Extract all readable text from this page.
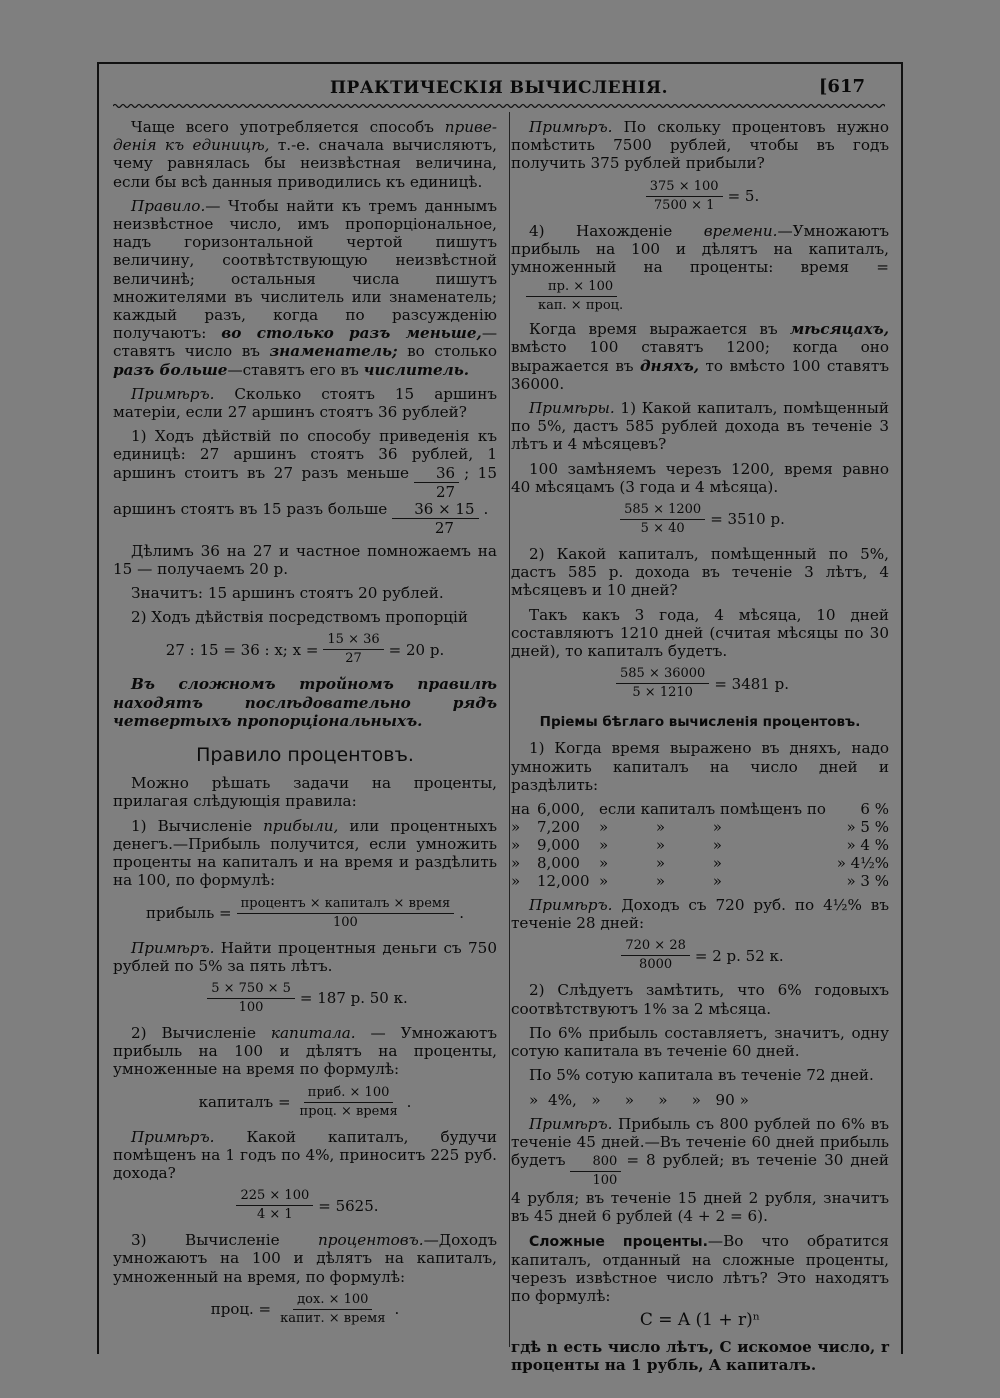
ПРАКТИЧЕСКІЯ ВЫЧИСЛЕНІЯ.	[617

Чаще всего употребляется способъ приведенія къ единицѣ, т.-е. сначала вычисляютъ, чему равнялась бы неизвѣстная величина, если бы всѣ данныя приводились къ единицѣ.

Правило.— Чтобы найти къ тремъ даннымъ неизвѣстное число, имъ пропорціональное, надъ горизонтальной чертой пишутъ величину, соотвѣтствующую неизвѣстной величинѣ; остальныя числа пишутъ множителями въ числитель или знаменатель; каждый разъ, когда по разсужденію получаютъ: во столько разъ меньше,—ставятъ число въ знаменатель; во столько разъ больше—ставятъ его въ числитель.

Примѣръ. Сколько стоятъ 15 аршинъ матеріи, если 27 аршинъ стоятъ 36 рублей?

1) Ходъ дѣйствій по способу приведенія къ единицѣ: 27 аршинъ стоятъ 36 рублей, 1 аршинъ стоитъ въ 27 разъ меньше $\frac{36}{27}$ ; 15 аршинъ стоятъ въ 15 разъ больше $\frac{36 \times 15}{27}$ .

Дѣлимъ 36 на 27 и частное помножаемъ на 15 — получаемъ 20 р.

Значитъ: 15 аршинъ стоятъ 20 рублей.

2) Ходъ дѣйствія посредствомъ пропорцій

27 : 15 = 36 : x; $x = \frac{15 \times 36}{27} = 20$ р.

Въ сложномъ тройномъ правилѣ находятъ послѣдовательно рядъ четвертыхъ пропорціональныхъ.

Правило процентовъ.

Можно рѣшать задачи на проценты, прилагая слѣдующія правила:

1) Вычисленіе прибыли, или процентныхъ денегъ.—Прибыль получится, если умножить проценты на капиталъ и на время и раздѣлить на 100, по формулѣ:

прибыль = $\frac{\text{процентъ × капиталъ × время}}{100}$ .

Примѣръ. Найти процентныя деньги съ 750 рублей по 5% за пять лѣтъ.

$\frac{5 \times 750 \times 5}{100} = 187$ р. 50 к.

2) Вычисленіе капитала. — Умножаютъ прибыль на 100 и дѣлятъ на проценты, умноженные на время по формулѣ:

капиталъ = $\frac{\text{приб. × 100}}{\text{проц. × время}}$ .

Примѣръ. Какой капиталъ, будучи помѣщенъ на 1 годъ по 4%, приноситъ 225 руб. дохода?

$\frac{225 \times 100}{4 \times 1} = 5625$.

3) Вычисленіе процентовъ.—Доходъ умножаютъ на 100 и дѣлятъ на капиталъ, умноженный на время, по формулѣ:

проц. = $\frac{\text{дох. × 100}}{\text{капит. × время}}$ .

Примѣръ. По скольку процентовъ нужно помѣстить 7500 рублей, чтобы въ годъ получить 375 рублей прибыли?

$\frac{375 \times 100}{7500 \times 1} = 5$.

4) Нахожденіе времени.—Умножаютъ прибыль на 100 и дѣлятъ на капиталъ, умноженный на проценты: время =
$\frac{пр. \times 100}{\text{кап. × проц.}}$

Когда время выражается въ мѣсяцахъ, вмѣсто 100 ставятъ 1200; когда оно выражается въ дняхъ, то вмѣсто 100 ставятъ 36000.

Примѣры. 1) Какой капиталъ, помѣщенный по 5%, дастъ 585 рублей дохода въ теченіе 3 лѣтъ и 4 мѣсяцевъ?

100 замѣняемъ черезъ 1200, время равно 40 мѣсяцамъ (3 года и 4 мѣсяца).

$\frac{585 \times 1200}{5 \times 40} = 3510$ р.

2) Какой капиталъ, помѣщенный по 5%, дастъ 585 р. дохода въ теченіе 3 лѣтъ, 4 мѣсяцевъ и 10 дней?

Такъ какъ 3 года, 4 мѣсяца, 10 дней составляютъ 1210 дней (считая мѣсяцы по 30 дней), то капиталъ будетъ.

$\frac{585 \times 36000}{5 \times 1210} = 3481$ р.
Пріемы бѣглаго вычисленія процентовъ.

1) Когда время выражено въ дняхъ, надо умножить капиталъ на число дней и раздѣлить:

на	6,000,	если капиталъ помѣщенъ по	6 %
»	7,200	»          »          »	» 5 %
»	9,000	»          »          »	» 4 %
»	8,000	»          »          »	» 4½%
»	12,000	»          »          »	» 3 %

Примѣръ. Доходъ съ 720 руб. по 4½% въ теченіе 28 дней:

$\frac{720 \times 28}{8000} = 2$ р. 52 к.

2) Слѣдуетъ замѣтить, что 6% годовыхъ соотвѣтствуютъ 1% за 2 мѣсяца.

По 6% прибыль составляетъ, значитъ, одну сотую капитала въ теченіе 60 дней.

По 5% сотую капитала въ теченіе 72 дней.

»  4%,   »     »     »     »   90 »

Примѣръ. Прибыль съ 800 рублей по 6% въ теченіе 45 дней.—Въ теченіе 60 дней прибыль будетъ $\frac{800}{100} = 8$ рублей; въ теченіе 30 дней 4 рубля; въ теченіе 15 дней 2 рубля, значитъ въ 45 дней 6 рублей (4 + 2 = 6).

Сложные проценты.—Во что обратится капиталъ, отданный на сложные проценты, черезъ извѣстное число лѣтъ? Это находятъ по формулѣ:

C = A (1 + r)ⁿ

гдѣ n есть число лѣтъ, C искомое число, r проценты на 1 рубль, A капиталъ.
